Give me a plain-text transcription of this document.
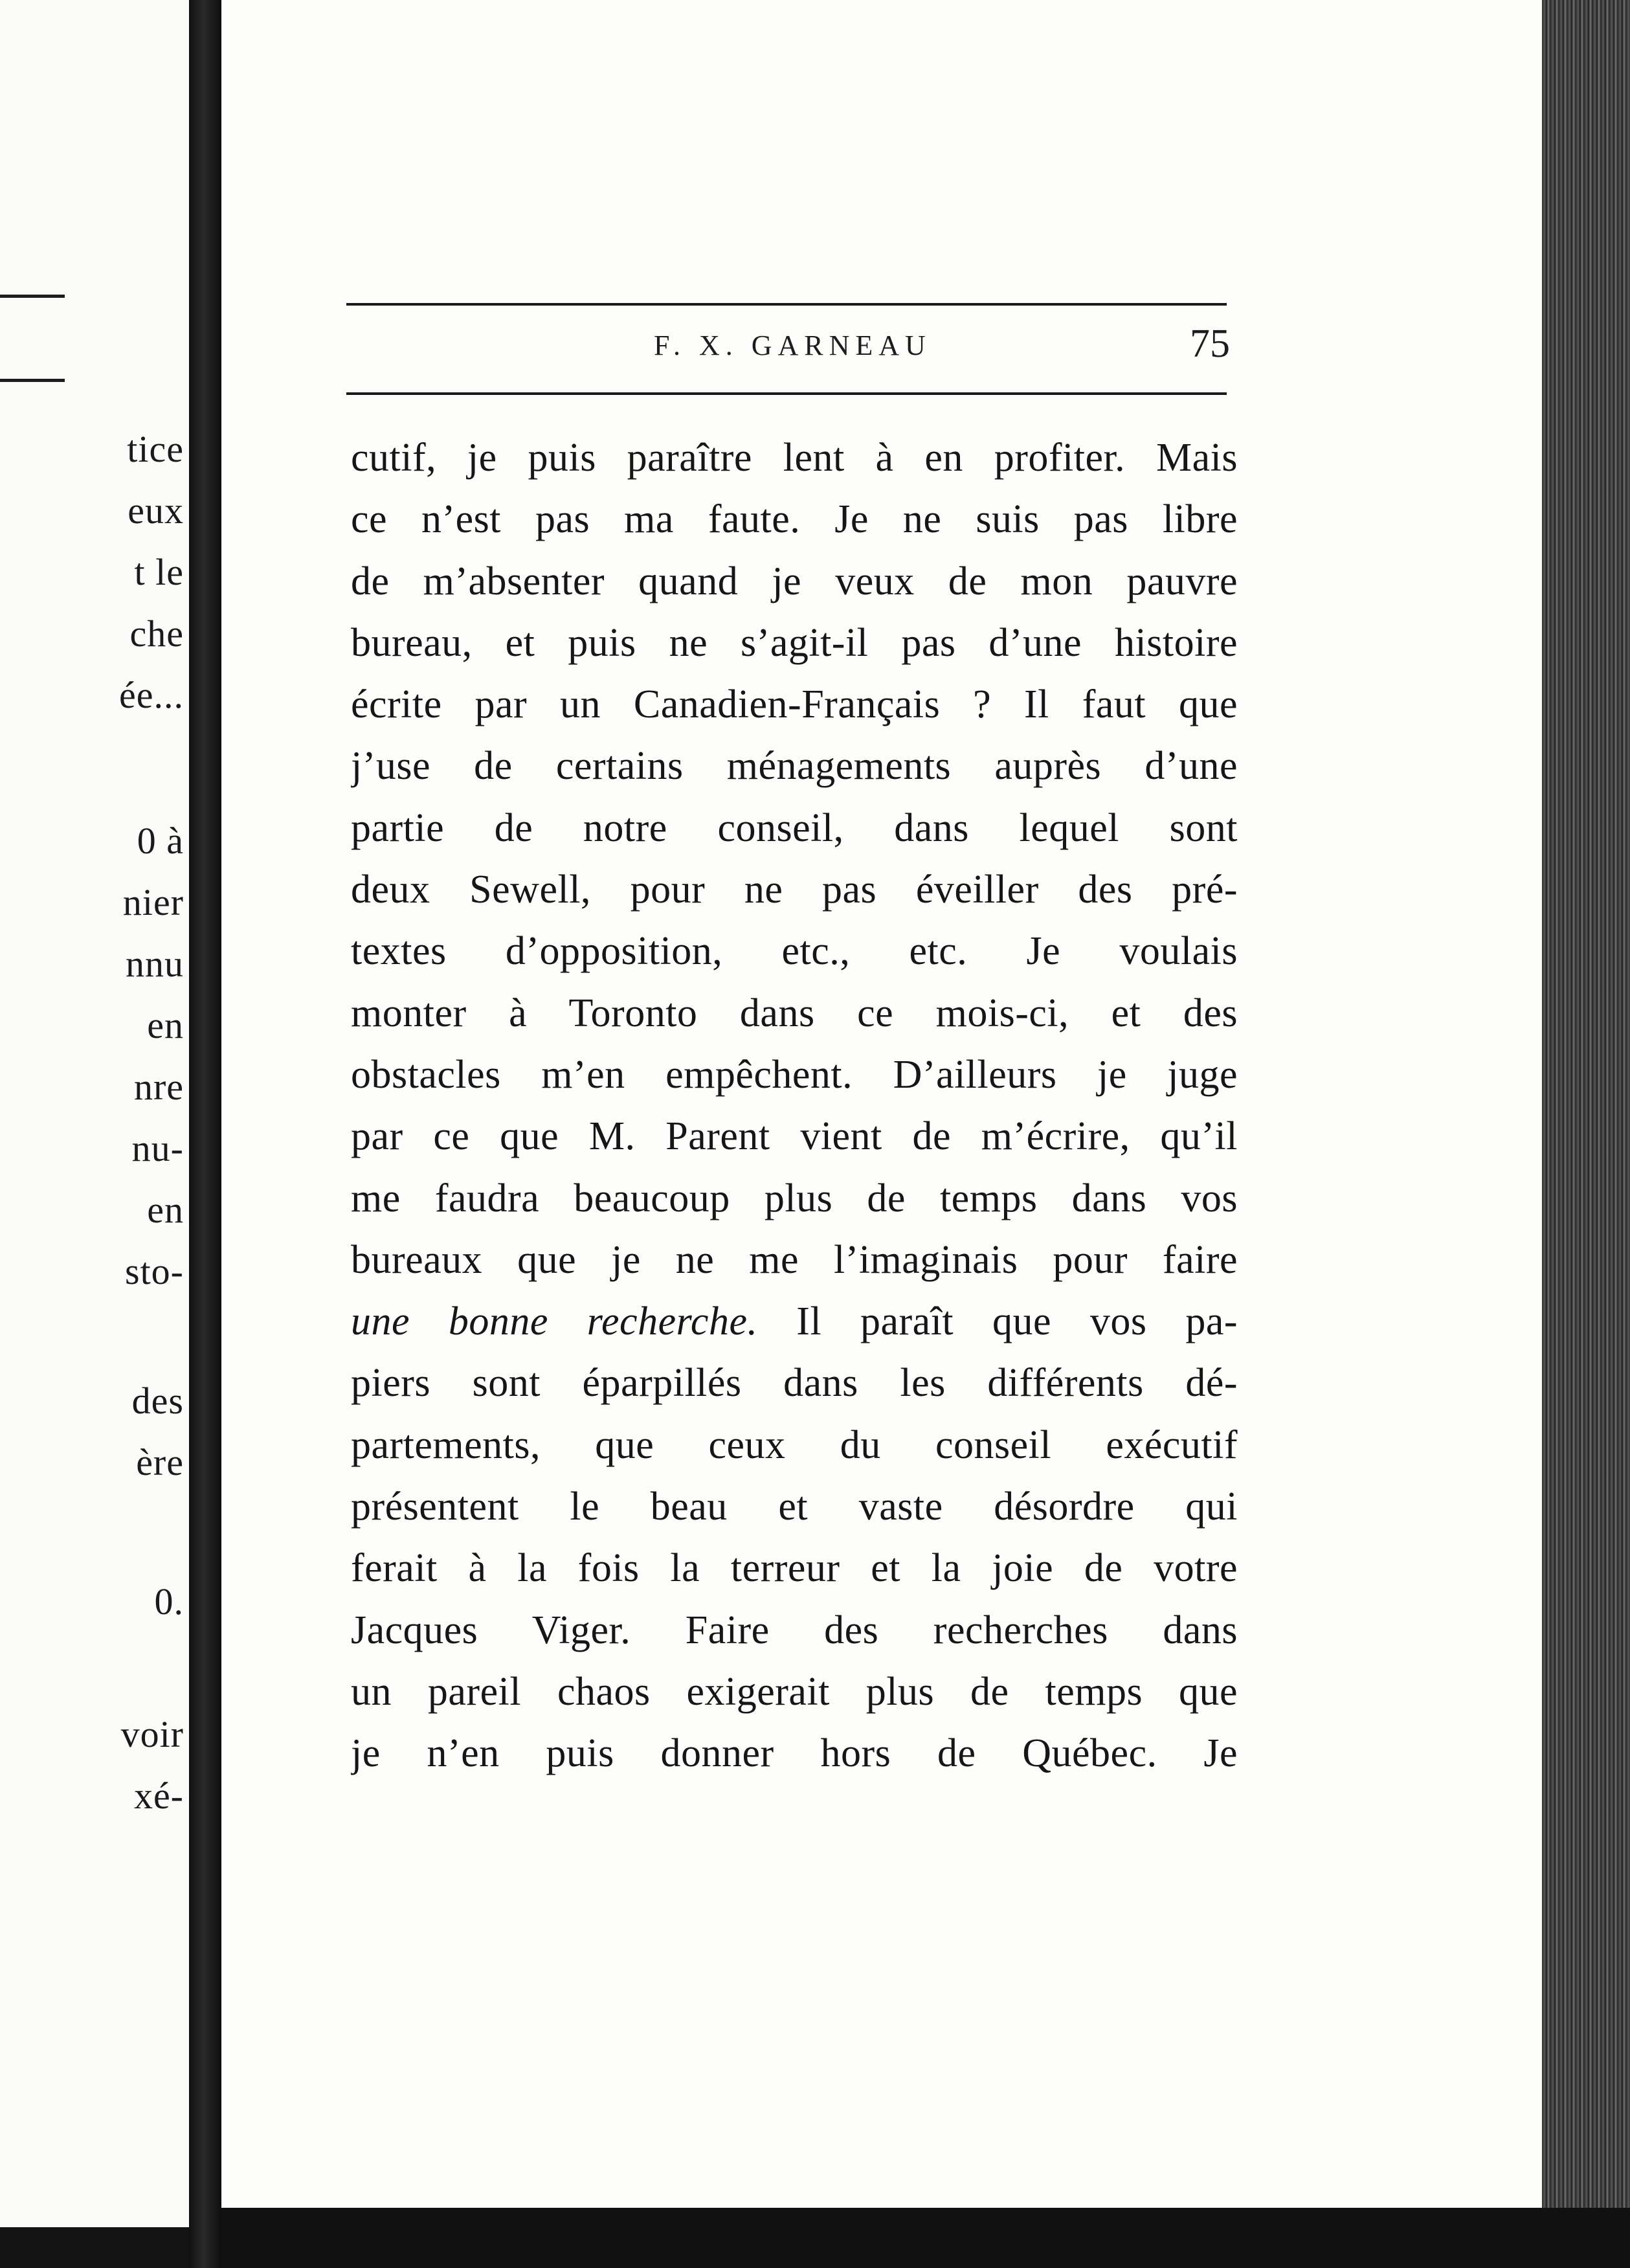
tice
eux
t le
che
ée...
0 à
nier
nnu
en
nre
nu-
en
sto-
des
ère
0.
voir
xé-
F. X. GARNEAU	75
cutif, je puis paraître lent à en profiter. Mais
ce n’est pas ma faute. Je ne suis pas libre
de m’absenter quand je veux de mon pauvre
bureau, et puis ne s’agit-il pas d’une histoire
écrite par un Canadien-Français ? Il faut que
j’use de certains ménagements auprès d’une
partie de notre conseil, dans lequel sont
deux Sewell, pour ne pas éveiller des pré-
textes d’opposition, etc., etc. Je voulais
monter à Toronto dans ce mois-ci, et des
obstacles m’en empêchent. D’ailleurs je juge
par ce que M. Parent vient de m’écrire, qu’il
me faudra beaucoup plus de temps dans vos
bureaux que je ne me l’imaginais pour faire
une bonne recherche. Il paraît que vos pa-
piers sont éparpillés dans les différents dé-
partements, que ceux du conseil exécutif
présentent le beau et vaste désordre qui
ferait à la fois la terreur et la joie de votre
Jacques Viger. Faire des recherches dans
un pareil chaos exigerait plus de temps que
je n’en puis donner hors de Québec. Je
